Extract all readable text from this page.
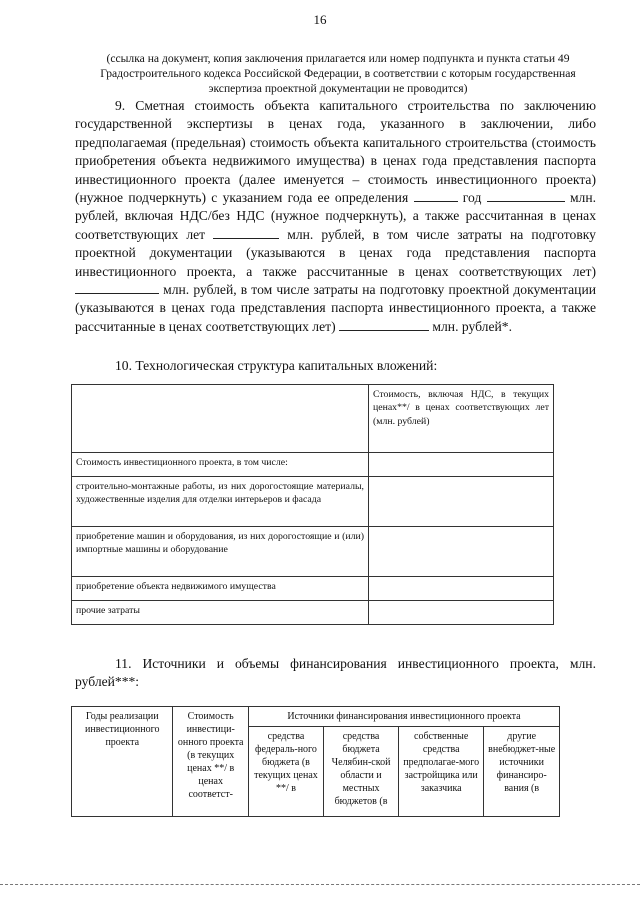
16
(ссылка на документ, копия заключения прилагается или номер подпункта и пункта статьи 49 Градостроительного кодекса Российской Федерации, в соответствии с которым государственная экспертиза проектной документации не проводится)

9. Сметная стоимость объекта капитального строительства по заключению государственной экспертизы в ценах года, указанного в заключении, либо предполагаемая (предельная) стоимость объекта капитального строительства (стоимость приобретения объекта недвижимого имущества) в ценах года представления паспорта инвестиционного проекта (далее именуется – стоимость инвестиционного проекта) (нужное подчеркнуть) с указанием года ее определения	год	млн. рублей, включая НДС/без НДС (нужное подчеркнуть), а также рассчитанная в ценах соответствующих лет	млн. рублей, в том числе затраты на подготовку проектной документации (указываются в ценах года представления паспорта инвестиционного проекта, а также рассчитанные в ценах соответствующих лет)  млн. рублей, в том числе затраты на подготовку проектной документации (указываются в ценах года представления паспорта инвестиционного проекта, а также рассчитанные в ценах соответствующих лет)	млн. рублей*.

10. Технологическая структура капитальных вложений:
	Стоимость, включая НДС, в текущих ценах**/ в ценах соответствующих лет (млн. рублей)
Стоимость инвестиционного проекта, в том числе:	
строительно-монтажные работы, из них дорогостоящие материалы, художественные изделия для отделки интерьеров и фасада	
приобретение машин и оборудования, из них дорогостоящие и (или) импортные машины и оборудование	
приобретение объекта недвижимого имущества	
прочие затраты	
11. Источники и объемы финансирования инвестиционного проекта, млн. рублей***:
Годы реализации инвестиционного проекта	Стоимость инвестици-онного проекта (в текущих ценах **/ в ценах соответст-	Источники финансирования инвестиционного проекта			
		средства федераль-ного бюджета (в текущих ценах **/ в	средства бюджета Челябин-ской области и местных бюджетов (в	собственные средства предполагае-мого застройщика или заказчика	другие внебюджет-ные источники финансиро-вания (в
